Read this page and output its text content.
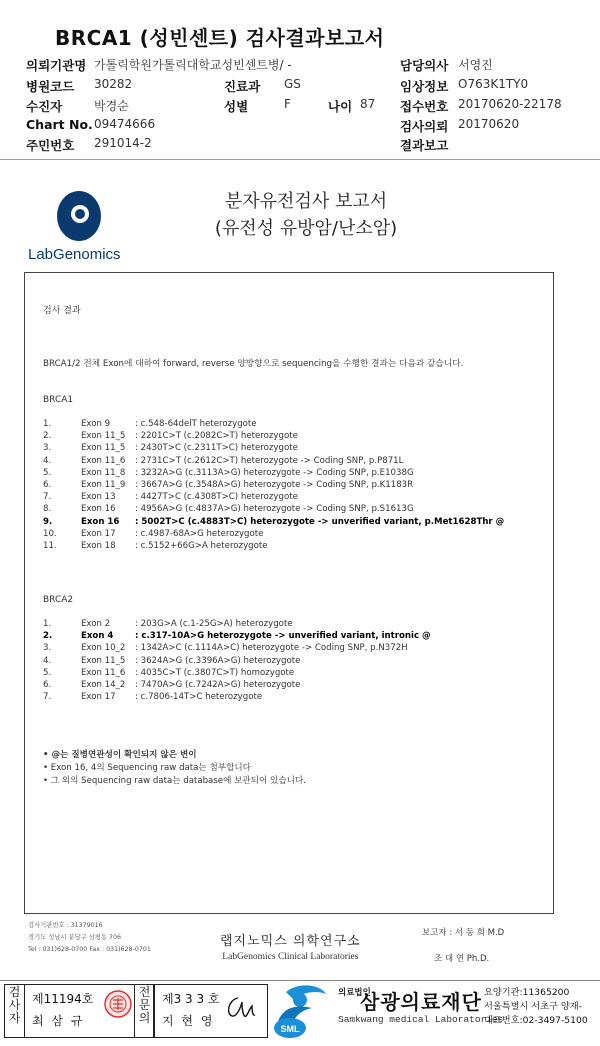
BRCA1 (성빈센트) 검사결과보고서
의뢰기관명 가톨릭학원가톨릭대학교성빈센트병/ -
병원코드 30282
수진자	박경순
Chart No. 09474666
주민번호 291014-2
진료과 GS
성별	F	나이 87
담당의사 서영진
임상정보 O763K1TY0
접수번호 20170620-22178
검사의뢰 20170620
결과보고
LabGenomics
분자유전검사 보고서
(유전성 유방암/난소암)
검사 결과
BRCA1/2 전체 Exon에 대하여 forward, reverse 양방향으로 sequencing을 수행한 결과는 다음과 같습니다.
BRCA1
1.	Exon 9	: c.548-64delT heterozygote
2.	Exon 11_5 : 2201C>T (c.2082C>T) heterozygote
3.	Exon 11_5 : 2430T>C (c.2311T>C) heterozygote
4.	Exon 11_6 : 2731C>T (c.2612C>T) heterozygote -> Coding SNP, p.P871L
5.	Exon 11_8 : 3232A>G (c.3113A>G) heterozygote -> Coding SNP, p.E1038G
6.	Exon 11_9 : 3667A>G (c.3548A>G) heterozygote -> Coding SNP, p.K1183R
7.	Exon 13 : 4427T>C (c.4308T>C) heterozygote
8.	Exon 16 : 4956A>G (c.4837A>G) heterozygote -> Coding SNP, p.S1613G
9.	Exon 16 : 5002T>C (c.4883T>C) heterozygote -> unverified variant, p.Met1628Thr @
10.	Exon 17 : c.4987-68A>G heterozygote
11.	Exon 18 : c.5152+66G>A heterozygote
BRCA2
1.	Exon 2	: 203G>A (c.1-25G>A) heterozygote
2.	Exon 4	: c.317-10A>G heterozygote -> unverified variant, intronic @
3.	Exon 10_2 : 1342A>C (c.1114A>C) heterozygote -> Coding SNP, p.N372H
4.	Exon 11_5 : 3624A>G (c.3396A>G) heterozygote
5.	Exon 11_6 : 4035C>T (c.3807C>T) homozygote
6.	Exon 14_2 : 7470A>G (c.7242A>G) heterozygote
7.	Exon 17 : c.7806-14T>C heterozygote
• @는 질병연관성이 확인되지 않은 변이
• Exon 16, 4의 Sequencing raw data는 첨부합니다
• 그 외의 Sequencing raw data는 database에 보관되어 있습니다.
검사기관번호 : 31379016
경기도 성남시 분당구 삼평동 706
Tel : 031)628-0700 Fax : 031)628-0701
랩지노믹스 의학연구소
LabGenomics Clinical Laboratories
보고자 : 서 동 희 M.D
조 대 연 Ph.D.
검
사
자
제11194호
최 삼 규
전
문
의
제3 3 3 호
지 현 영
SML
의료법인
삼광의료재단
Samkwang medical Laboratories
요양기관:11365200
서울특별시 서초구 양재-
대표번호:02-3497-5100
